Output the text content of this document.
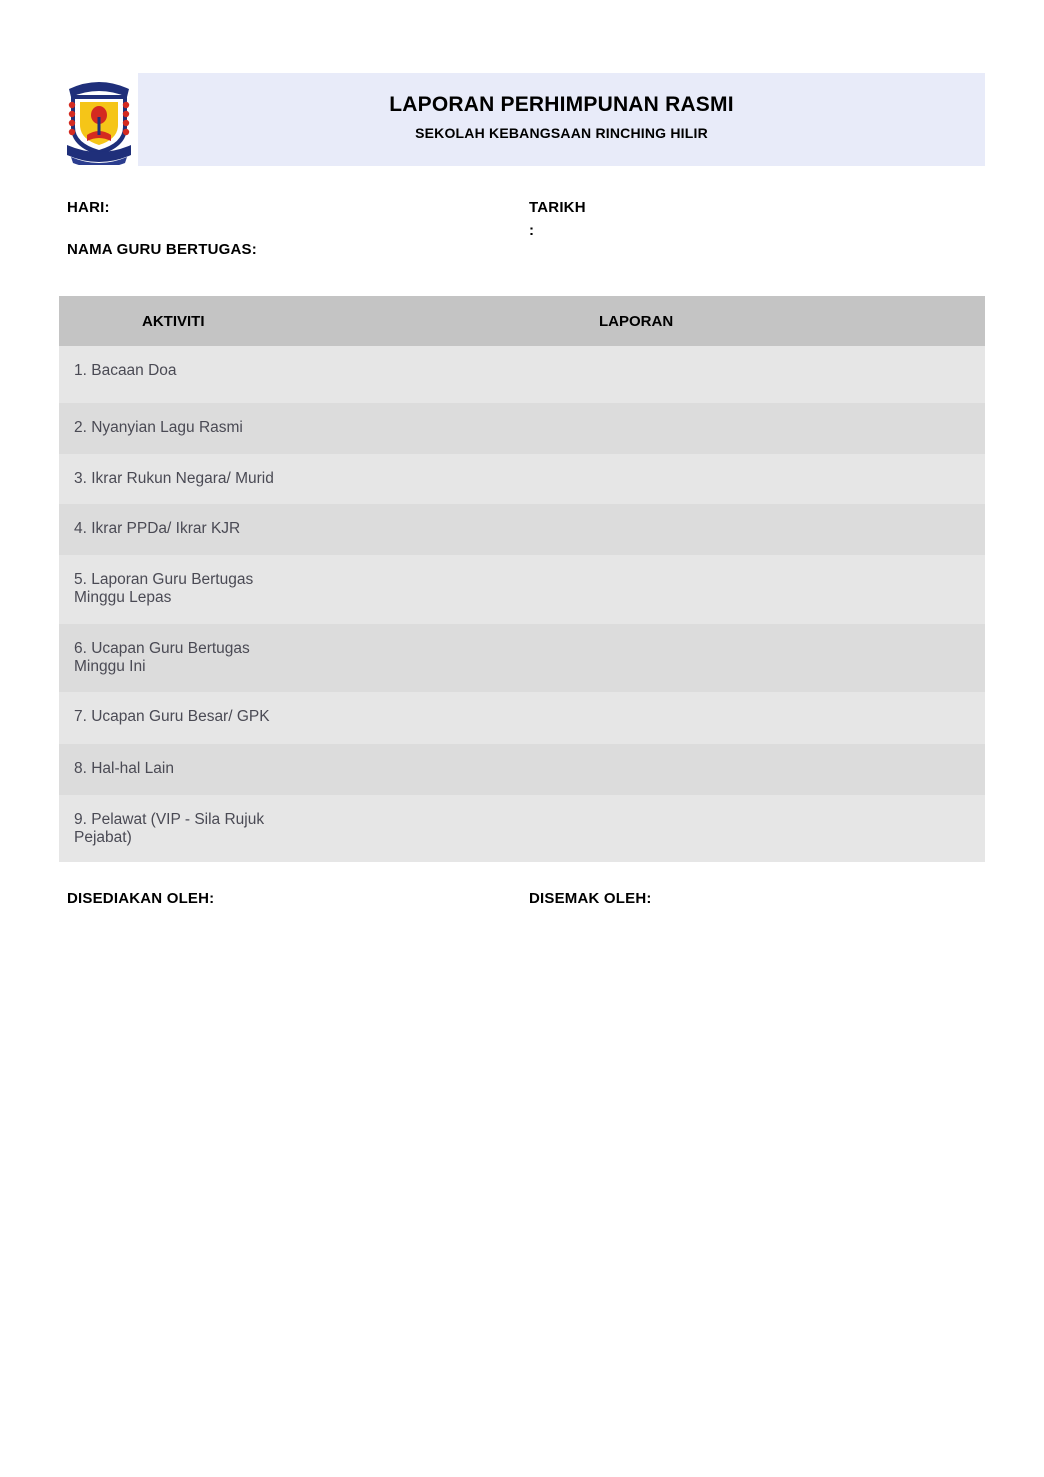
LAPORAN PERHIMPUNAN RASMI
SEKOLAH KEBANGSAAN RINCHING HILIR
HARI:	TARIKH
:
NAMA GURU BERTUGAS:
AKTIVITI	LAPORAN
1. Bacaan Doa
2. Nyanyian Lagu Rasmi
3. Ikrar Rukun Negara/ Murid
4. Ikrar PPDa/ Ikrar KJR
5. Laporan Guru Bertugas Minggu Lepas
6. Ucapan Guru Bertugas Minggu Ini
7. Ucapan Guru Besar/ GPK
8. Hal-hal Lain
9. Pelawat (VIP - Sila Rujuk Pejabat)
DISEDIAKAN OLEH:	DISEMAK OLEH:
